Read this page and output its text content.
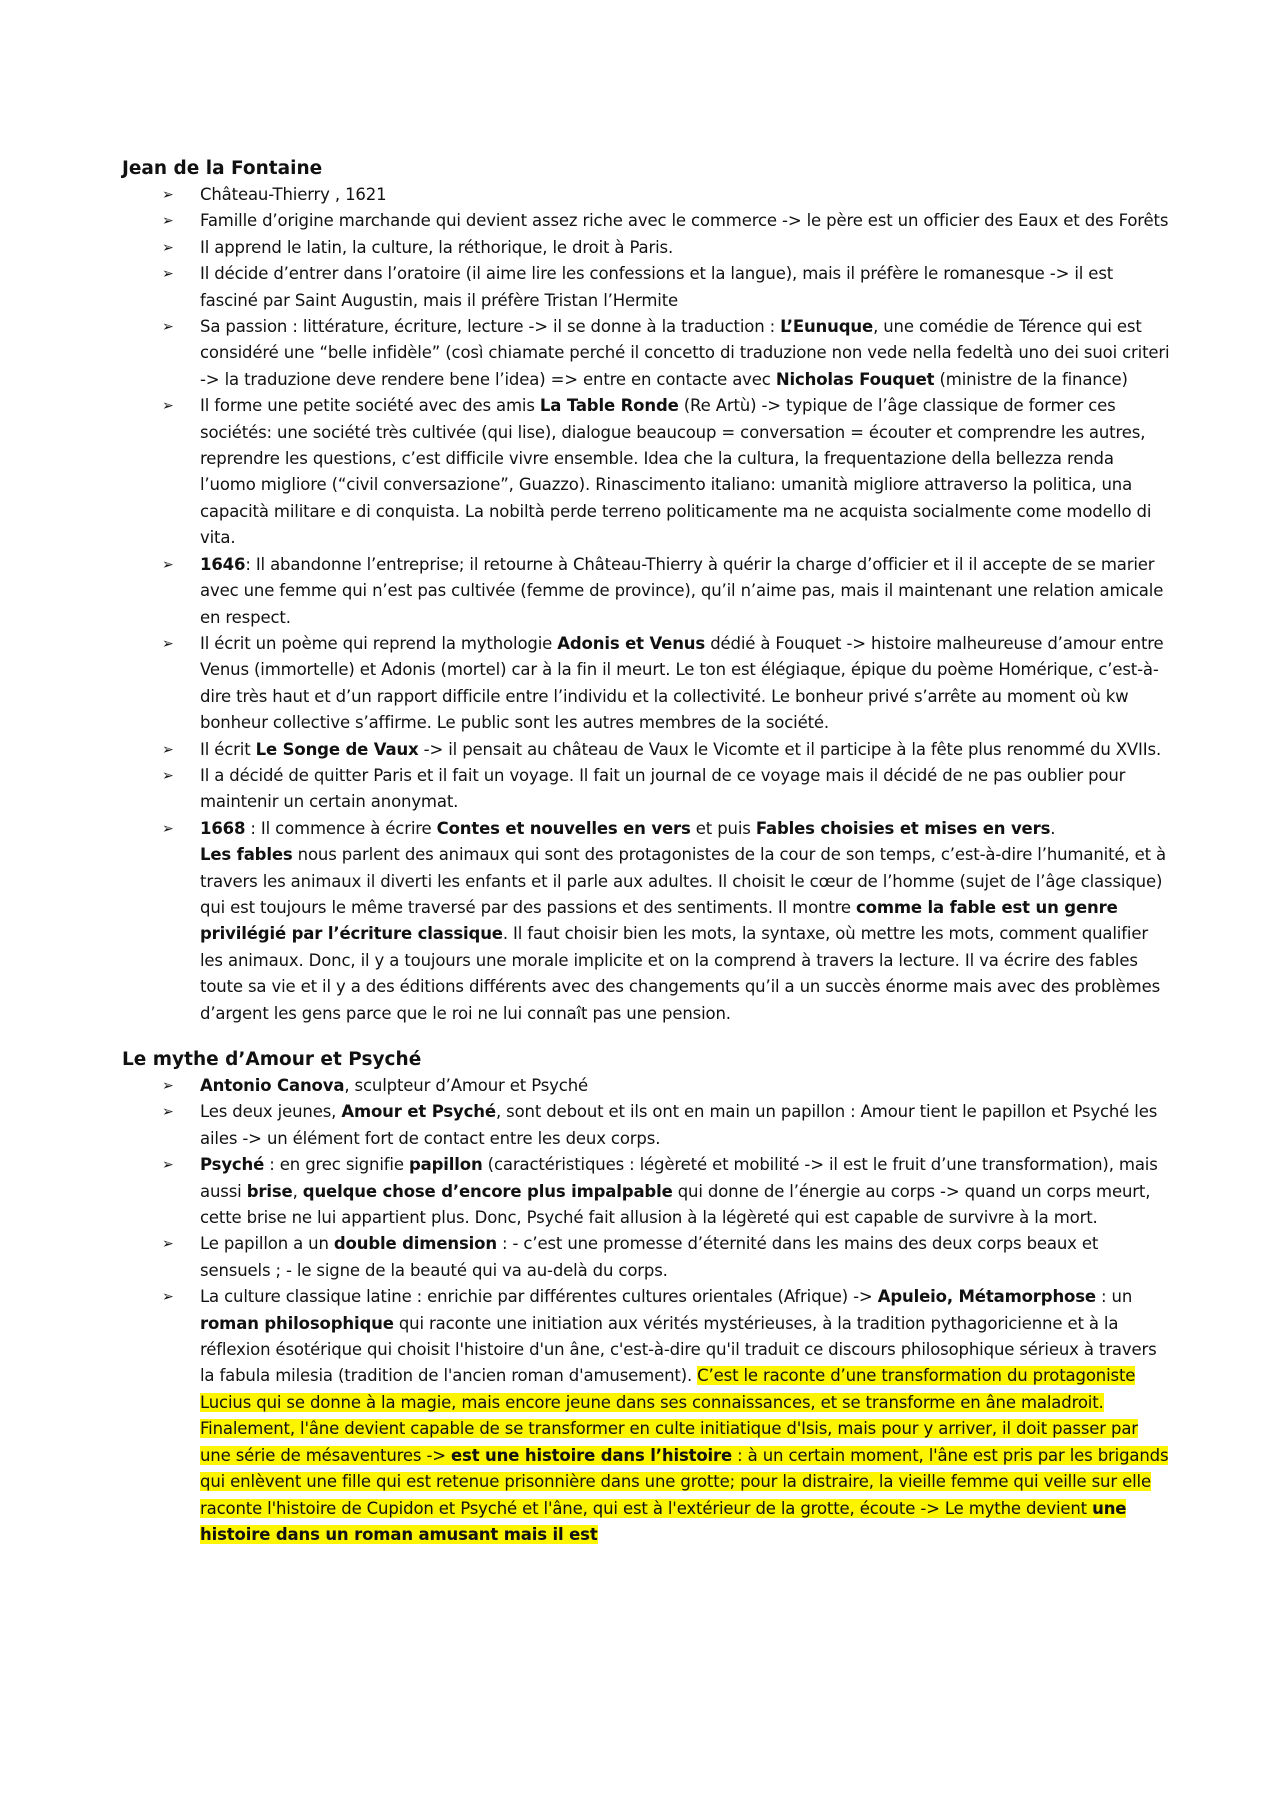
Jean de la Fontaine
➢ Château-Thierry , 1621

➢ Famille d’origine marchande qui devient assez riche avec le commerce -> le père est un officier des Eaux et des Forêts

➢ Il apprend le latin, la culture, la réthorique, le droit à Paris.

➢ Il décide d’entrer dans l’oratoire (il aime lire les confessions et la langue), mais il préfère le romanesque -> il est fasciné par Saint Augustin, mais il préfère Tristan l’Hermite

➢ Sa passion : littérature, écriture, lecture -> il se donne à la traduction : L’Eunuque, une comédie de Térence qui est considéré une “belle infidèle” (così chiamate perché il concetto di traduzione non vede nella fedeltà uno dei suoi criteri -> la traduzione deve rendere bene l’idea) => entre en contacte avec Nicholas Fouquet (ministre de la finance)

➢ Il forme une petite société avec des amis La Table Ronde (Re Artù) -> typique de l’âge classique de former ces sociétés: une société très cultivée (qui lise), dialogue beaucoup = conversation = écouter et comprendre les autres, reprendre les questions, c’est difficile vivre ensemble. Idea che la cultura, la frequentazione della bellezza renda l’uomo migliore (“civil conversazione”, Guazzo). Rinascimento italiano: umanità migliore attraverso la politica, una capacità militare e di conquista. La nobiltà perde terreno politicamente ma ne acquista socialmente come modello di vita.

➢ 1646: Il abandonne l’entreprise; il retourne à Château-Thierry à quérir la charge d’officier et il il accepte de se marier avec une femme qui n’est pas cultivée (femme de province), qu’il n’aime pas, mais il maintenant une relation amicale en respect.

➢ Il écrit un poème qui reprend la mythologie Adonis et Venus dédié à Fouquet -> histoire malheureuse d’amour entre Venus (immortelle) et Adonis (mortel) car à la fin il meurt. Le ton est élégiaque, épique du poème Homérique, c’est-à-dire très haut et d’un rapport difficile entre l’individu et la collectivité. Le bonheur privé s’arrête au moment où kw bonheur collective s’affirme. Le public sont les autres membres de la société.

➢ Il écrit Le Songe de Vaux -> il pensait au château de Vaux le Vicomte et il participe à la fête plus renommé du XVIIs.

➢ Il a décidé de quitter Paris et il fait un voyage. Il fait un journal de ce voyage mais il décidé de ne pas oublier pour maintenir un certain anonymat.

➢ 1668 : Il commence à écrire Contes et nouvelles en vers et puis Fables choisies et mises en vers.

Les fables nous parlent des animaux qui sont des protagonistes de la cour de son temps, c’est-à-dire l’humanité, et à travers les animaux il diverti les enfants et il parle aux adultes. Il choisit le cœur de l’homme (sujet de l’âge classique) qui est toujours le même traversé par des passions et des sentiments. Il montre comme la fable est un genre privilégié par l’écriture classique. Il faut choisir bien les mots, la syntaxe, où mettre les mots, comment qualifier les animaux. Donc, il y a toujours une morale implicite et on la comprend à travers la lecture. Il va écrire des fables toute sa vie et il y a des éditions différents avec des changements qu’il a un succès énorme mais avec des problèmes d’argent les gens parce que le roi ne lui connaît pas une pension.

Le mythe d’Amour et Psyché
➢ Antonio Canova, sculpteur d’Amour et Psyché

➢ Les deux jeunes, Amour et Psyché, sont debout et ils ont en main un papillon : Amour tient le papillon et Psyché les ailes -> un élément fort de contact entre les deux corps.

➢ Psyché : en grec signifie papillon (caractéristiques : légèreté et mobilité -> il est le fruit d’une transformation), mais aussi brise, quelque chose d’encore plus impalpable qui donne de l’énergie au corps -> quand un corps meurt, cette brise ne lui appartient plus. Donc, Psyché fait allusion à la légèreté qui est capable de survivre à la mort.

➢ Le papillon a un double dimension : - c’est une promesse d’éternité dans les mains des deux corps beaux et sensuels ; - le signe de la beauté qui va au-delà du corps.

➢ La culture classique latine : enrichie par différentes cultures orientales (Afrique) -> Apuleio, Métamorphose : un roman philosophique qui raconte une initiation aux vérités mystérieuses, à la tradition pythagoricienne et à la réflexion ésotérique qui choisit l'histoire d'un âne, c'est-à-dire qu'il traduit ce discours philosophique sérieux à travers la fabula milesia (tradition de l'ancien roman d'amusement). C’est le raconte d’une transformation du protagoniste Lucius qui se donne à la magie, mais encore jeune dans ses connaissances, et se transforme en âne maladroit. Finalement, l'âne devient capable de se transformer en culte initiatique d'Isis, mais pour y arriver, il doit passer par une série de mésaventures -> est une histoire dans l’histoire : à un certain moment, l'âne est pris par les brigands qui enlèvent une fille qui est retenue prisonnière dans une grotte; pour la distraire, la vieille femme qui veille sur elle raconte l'histoire de Cupidon et Psyché et l'âne, qui est à l'extérieur de la grotte, écoute -> Le mythe devient une histoire dans un roman amusant mais il est
